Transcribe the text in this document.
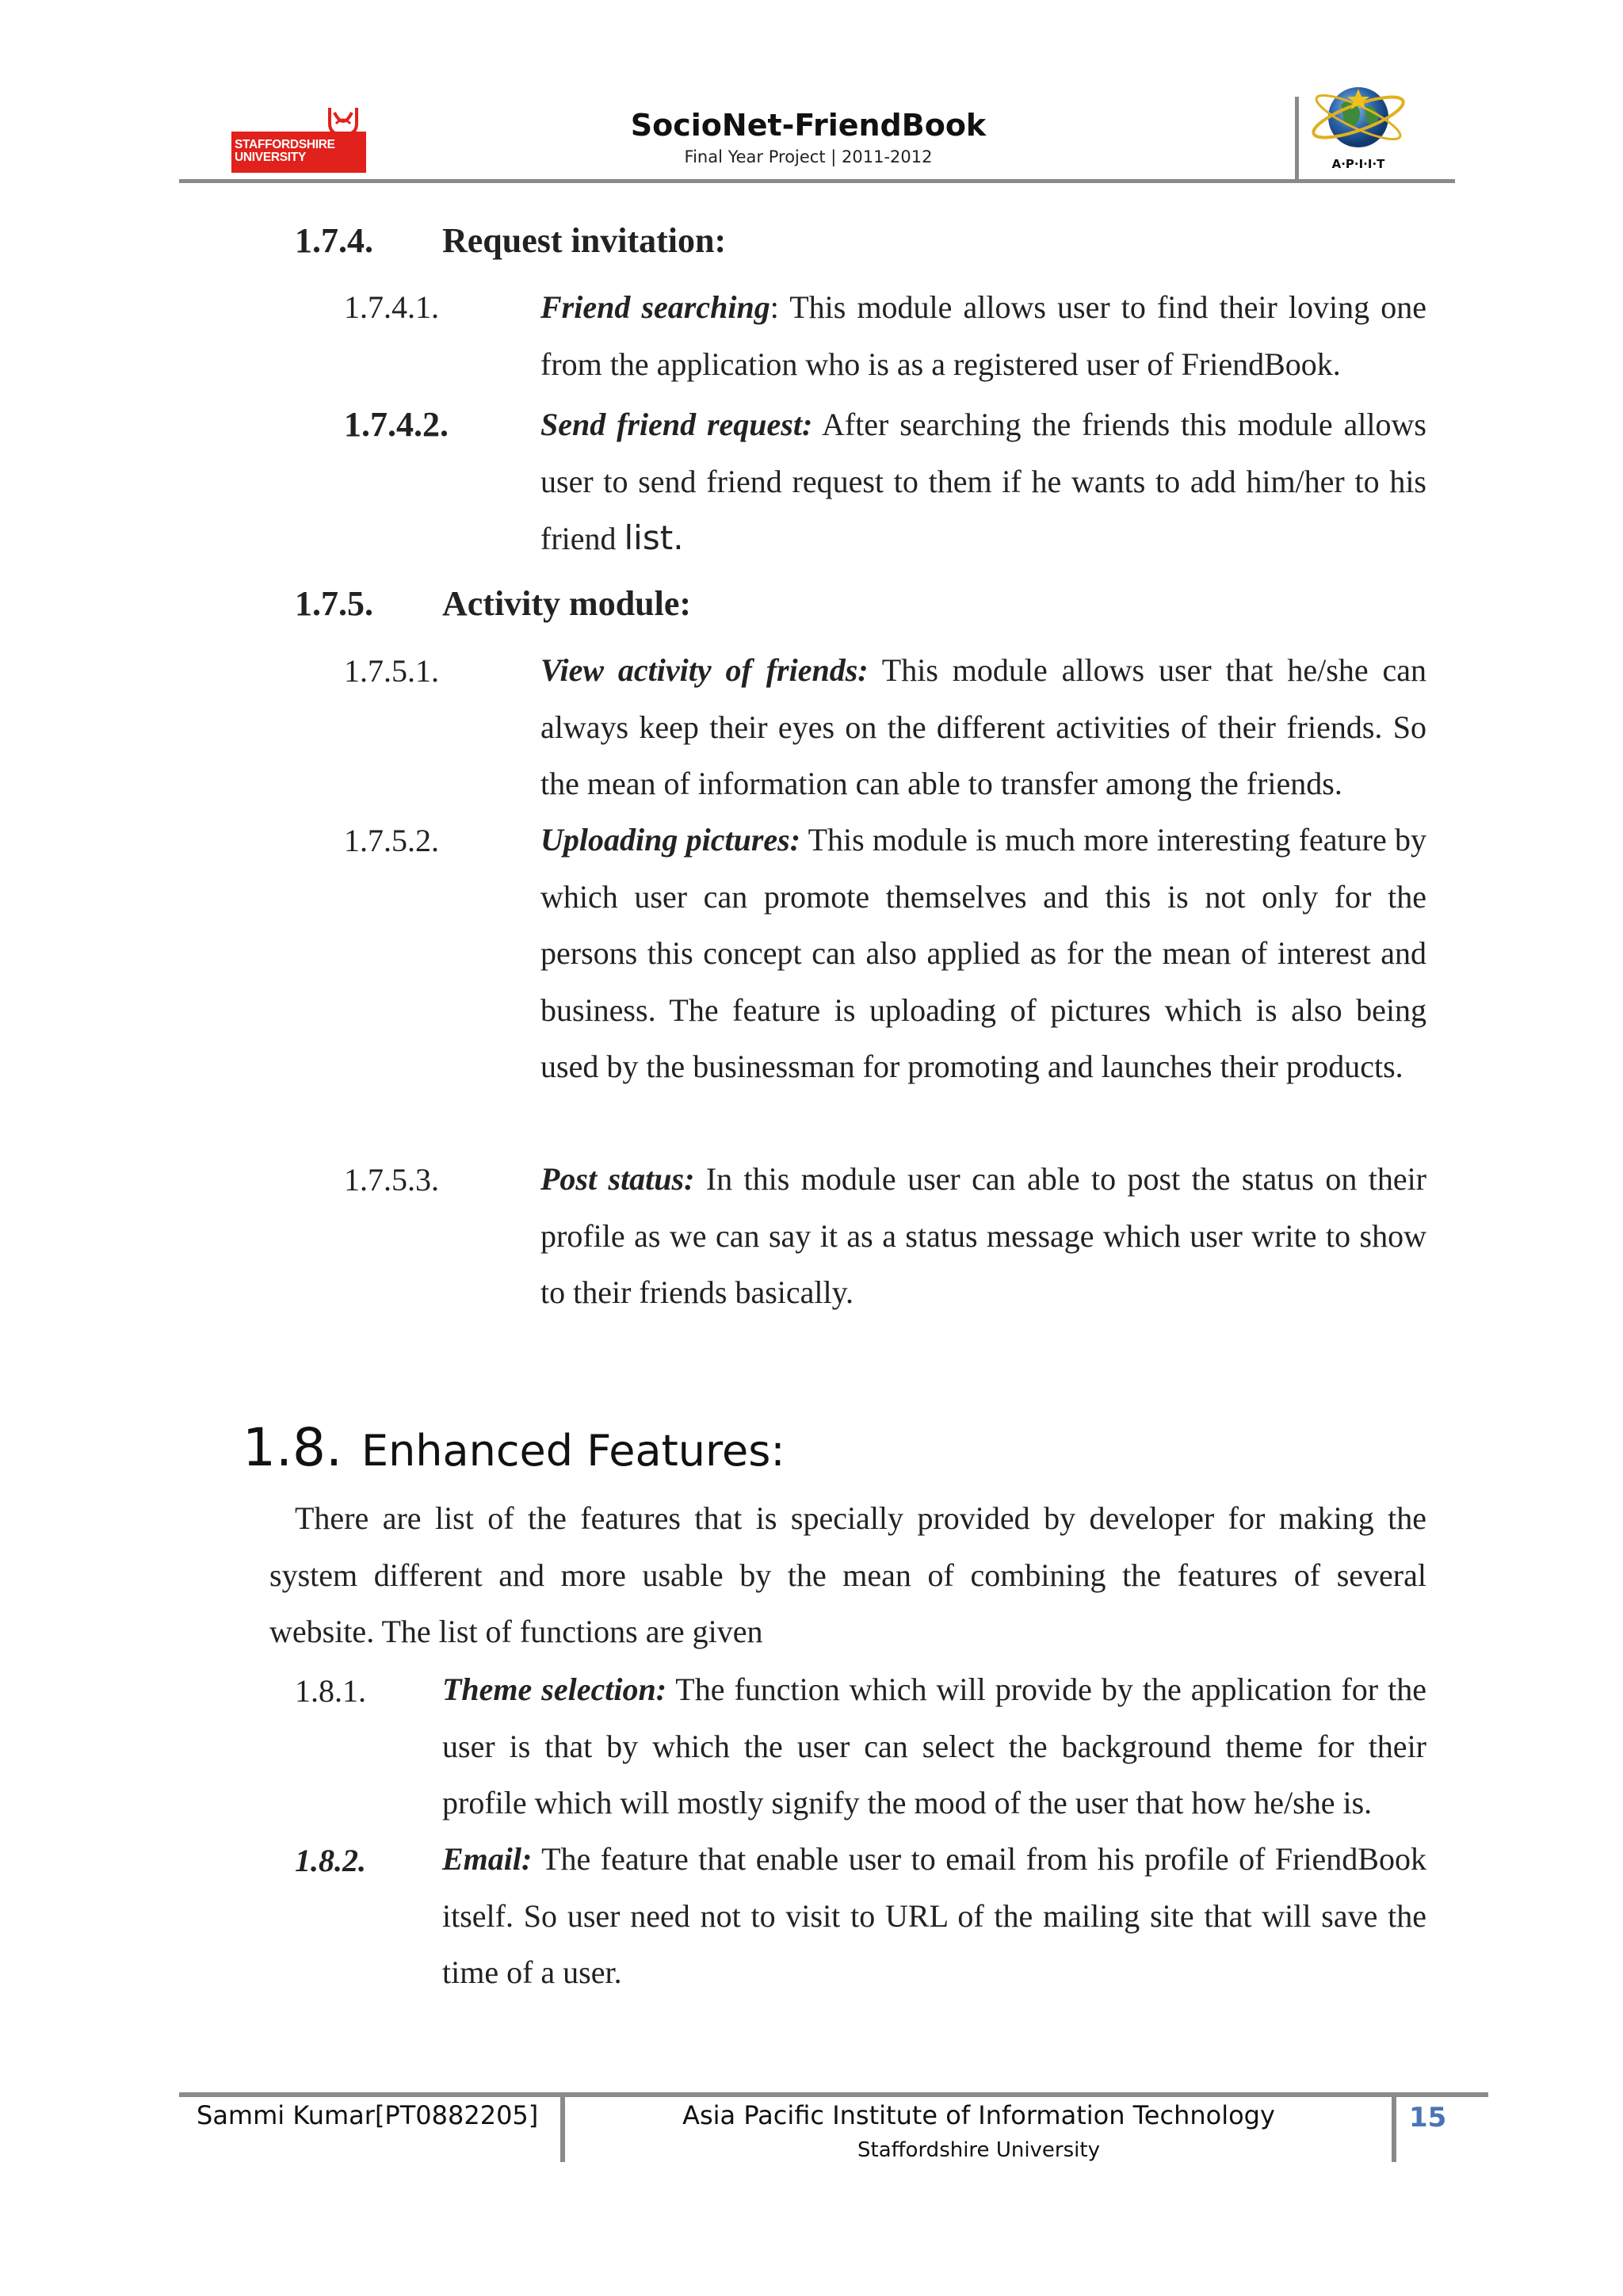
STAFFORDSHIRE UNIVERSITY
SocioNet-FriendBook
Final Year Project | 2011-2012	A·P·I·I·T
1.7.4. Request invitation:
1.7.4.1.	Friend searching: This module allows user to find their loving one from the application who is as a registered user of FriendBook.
1.7.4.2.	Send friend request: After searching the friends this module allows user to send friend request to them if he wants to add him/her to his friend list.
1.7.5. Activity module:
1.7.5.1.	View activity of friends: This module allows user that he/she can always keep their eyes on the different activities of their friends. So the mean of information can able to transfer among the friends.
1.7.5.2.	Uploading pictures: This module is much more interesting feature by which user can promote themselves and this is not only for the persons this concept can also applied as for the mean of interest and business. The feature is uploading of pictures which is also being used by the businessman for promoting and launches their products.
1.7.5.3.	Post status: In this module user can able to post the status on their profile as we can say it as a status message which user write to show to their friends basically.
1.8. Enhanced Features:
There are list of the features that is specially provided by developer for making the system different and more usable by the mean of combining the features of several website. The list of functions are given
1.8.1. Theme selection: The function which will provide by the application for the user is that by which the user can select the background theme for their profile which will mostly signify the mood of the user that how he/she is.
1.8.2. Email: The feature that enable user to email from his profile of FriendBook itself. So user need not to visit to URL of the mailing site that will save the time of a user.
Sammi Kumar[PT0882205]	Asia Pacific Institute of Information Technology
Staffordshire University
15
